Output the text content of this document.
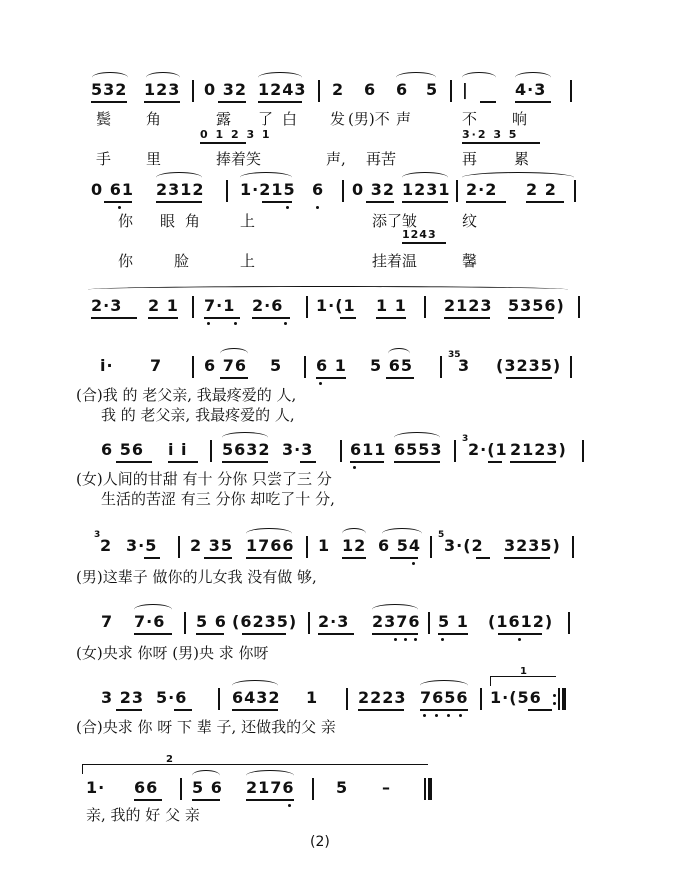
532 123 0 32 1243 2 6 6 5 |	4·3
鬓 角	露 了 白 发 (男)不 声	不 响
0 1 2 3 1	3·2 3 5
手 里	捧着笑	声, 再苦	再 累
0 61 2312 1·215 6 0 32 1231 2·2 2 2
你 眼角 上	添了皱	纹
1243
你	脸	上	挂着温	馨
2·3 2 1 7·1 2·6 1·(1 1 1 2123 5356)
i· 7	6 76 5 6 1 5 65
35
3 (3235)
(合)我 的 老父亲, 我最疼爱的 人,
我 的 老父亲, 我最疼爱的 人,
6 56 i i 5632 3·3 611 6553
3
2·(1 2123)
(女)人间的甘甜 有十 分你 只尝了三 分
生活的苦涩 有三 分你 却吃了十 分,
3
2 3·5 2 35 1766 1 12 6 54
5
3·(2 3235)
(男)这辈子 做你的儿女我 没有做 够,
7 7·6 5 6 (6235) 2·3 2376 5 1 (1612)
(女)央求 你呀 (男)央 求 你呀
3 23 5·6	6432 1 2223 7656
1
1·(56
(合)央求 你 呀 下 辈 子, 还做我的父 亲
2
1· 66 5 6 2176	5 –
亲, 我的 好 父 亲
(2)
